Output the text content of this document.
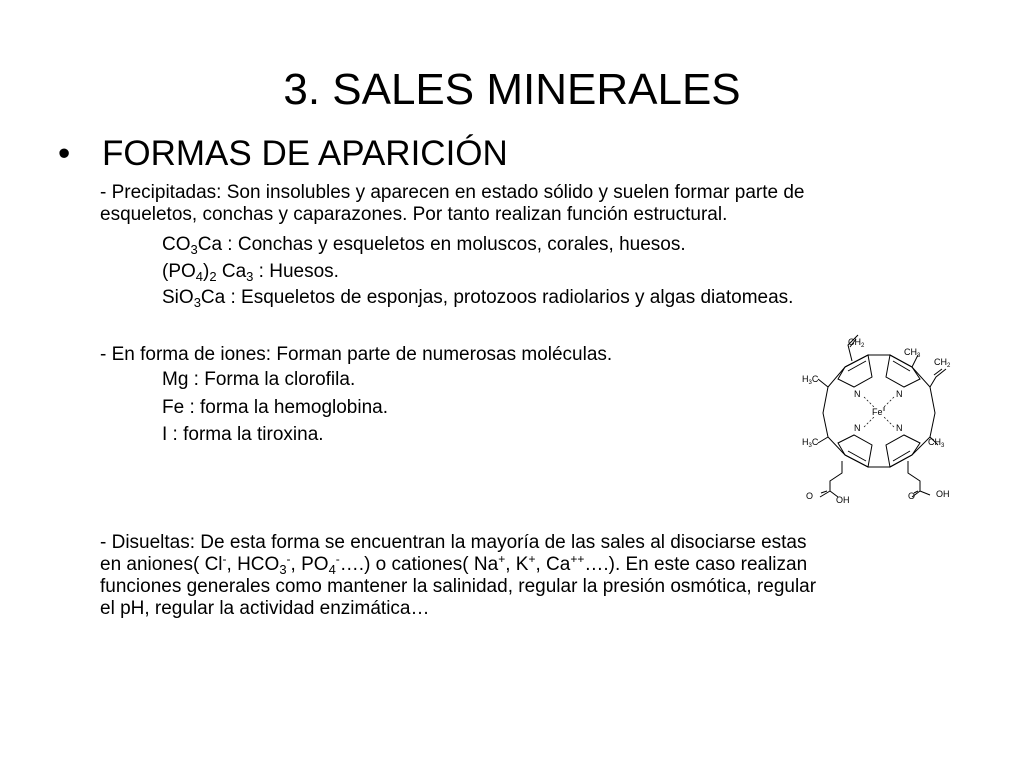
3. SALES MINERALES
• FORMAS DE APARICIÓN
- Precipitadas: Son insolubles y aparecen en estado sólido y suelen formar parte de
esqueletos, conchas y caparazones. Por tanto realizan función estructural.
$CO_3Ca$ : Conchas y esqueletos en moluscos, corales, huesos.
$(PO_4)_2$ $Ca_3$ : Huesos.
SiO$_3$Ca : Esqueletos de esponjas, protozoos radiolarios y algas diatomeas.
- En forma de iones: Forman parte de numerosas moléculas.
Mg : Forma la clorofila.
Fe : forma la hemoglobina.
I : forma la tiroxina.
- Disueltas: De esta forma se encuentran la mayoría de las sales al disociarse estas
en aniones( Cl-, $HCO_3^-$, $PO_4^-\dots$.) o cationes( Na+, K+, Ca++….). En este caso realizan
funciones generales como mantener la salinidad, regular la presión osmótica, regular
el pH, regular la actividad enzimática…
$CH_2$
$CH_3$
$CH_2$
$H_3C$
$H_3C$	$CH_3$
N	N
N	N
$Fe^{II}$
O	OH	O OH
